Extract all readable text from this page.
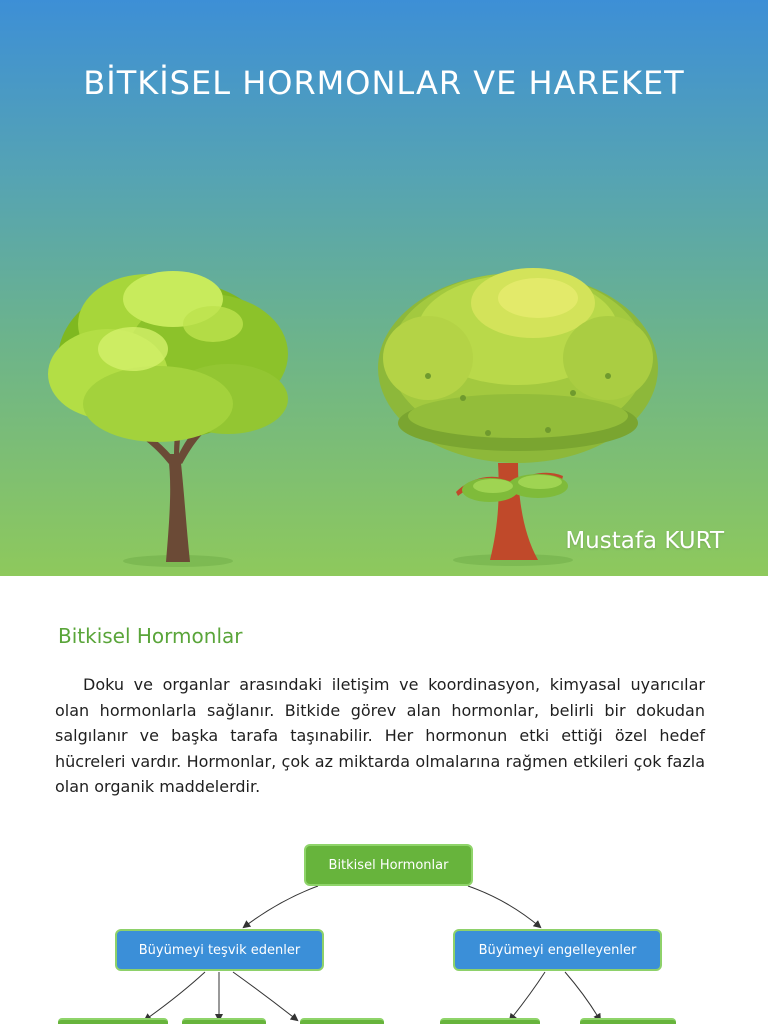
BİTKİSEL HORMONLAR VE HAREKET
Mustafa KURT
Bitkisel Hormonlar
Doku ve organlar arasındaki iletişim ve koordinasyon, kimyasal uyarıcılar olan hormonlarla sağlanır. Bitkide görev alan hormonlar, belirli bir dokudan salgılanır ve başka tarafa taşınabilir. Her hormonun etki ettiği özel hedef hücreleri vardır. Hormonlar, çok az miktarda olmalarına rağmen etkileri çok fazla olan organik maddelerdir.
Bitkisel Hormonlar
Büyümeyi teşvik edenler	Büyümeyi engelleyenler
